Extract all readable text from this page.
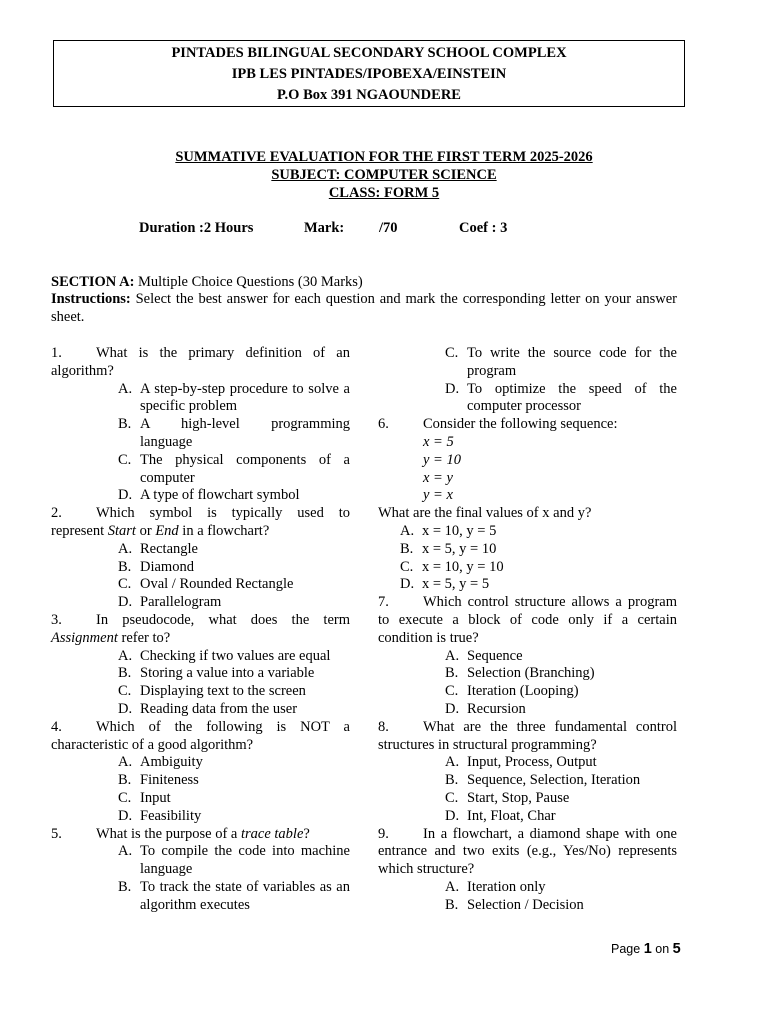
PINTADES BILINGUAL SECONDARY SCHOOL COMPLEX
IPB LES PINTADES/IPOBEXA/EINSTEIN
P.O Box 391 NGAOUNDERE
SUMMATIVE EVALUATION FOR THE FIRST TERM 2025-2026
SUBJECT: COMPUTER SCIENCE
CLASS: FORM 5
Duration :2 Hours	Mark: /70	Coef : 3
SECTION A: Multiple Choice Questions (30 Marks)
Instructions: Select the best answer for each question and mark the corresponding letter on your answer sheet.
1. What is the primary definition of an algorithm?
A. A step-by-step procedure to solve a specific problem
B. A high-level programming language
C. The physical components of a computer
D. A type of flowchart symbol
2. Which symbol is typically used to represent Start or End in a flowchart?
A. Rectangle
B. Diamond
C. Oval / Rounded Rectangle
D. Parallelogram
3. In pseudocode, what does the term Assignment refer to?
A. Checking if two values are equal
B. Storing a value into a variable
C. Displaying text to the screen
D. Reading data from the user
4. Which of the following is NOT a characteristic of a good algorithm?
A. Ambiguity
B. Finiteness
C. Input
D. Feasibility
5. What is the purpose of a trace table?
A. To compile the code into machine language
B. To track the state of variables as an algorithm executes
C. To write the source code for the program
D. To optimize the speed of the computer processor
6. Consider the following sequence:
x = 5
y = 10
x = y
y = x
What are the final values of x and y?
A. x = 10, y = 5
B. x = 5, y = 10
C. x = 10, y = 10
D. x = 5, y = 5
7. Which control structure allows a program to execute a block of code only if a certain condition is true?
A. Sequence
B. Selection (Branching)
C. Iteration (Looping)
D. Recursion
8. What are the three fundamental control structures in structural programming?
A. Input, Process, Output
B. Sequence, Selection, Iteration
C. Start, Stop, Pause
D. Int, Float, Char
9. In a flowchart, a diamond shape with one entrance and two exits (e.g., Yes/No) represents which structure?
A. Iteration only
B. Selection / Decision
Page 1 on 5
